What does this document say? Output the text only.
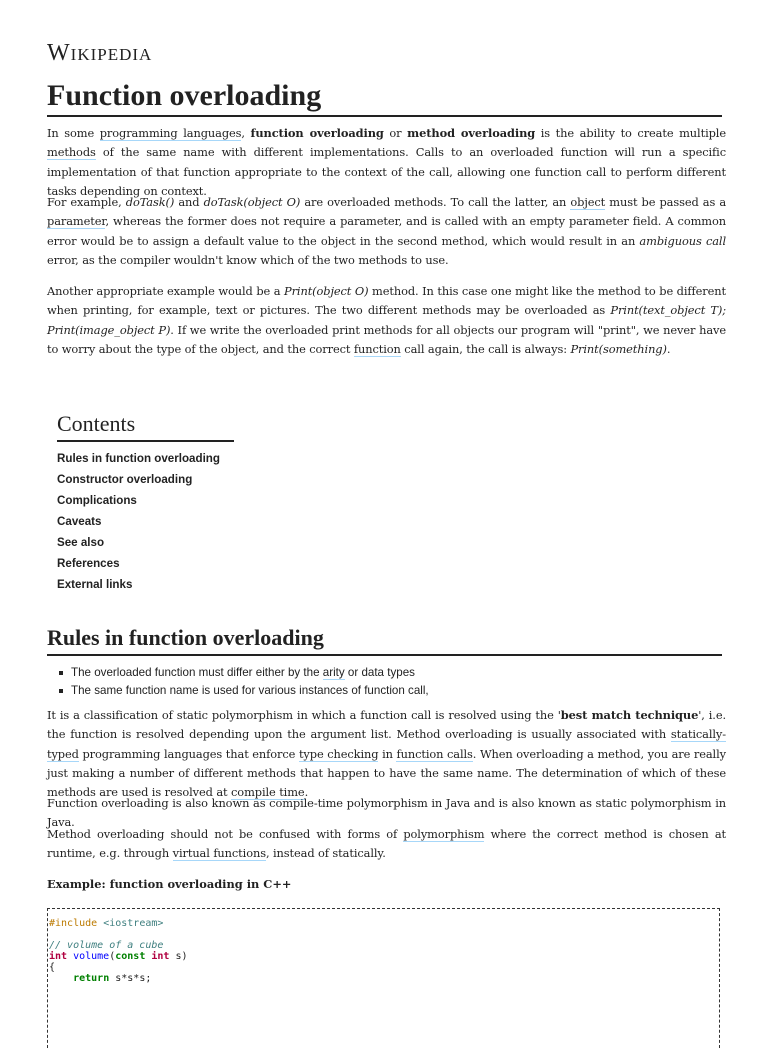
Wikipedia
Function overloading

In some programming languages, function overloading or method overloading is the ability to create multiple methods of the same name with different implementations. Calls to an overloaded function will run a specific implementation of that function appropriate to the context of the call, allowing one function call to perform different tasks depending on context.

For example, doTask() and doTask(object O) are overloaded methods. To call the latter, an object must be passed as a parameter, whereas the former does not require a parameter, and is called with an empty parameter field. A common error would be to assign a default value to the object in the second method, which would result in an ambiguous call error, as the compiler wouldn't know which of the two methods to use.

Another appropriate example would be a Print(object O) method. In this case one might like the method to be different when printing, for example, text or pictures. The two different methods may be overloaded as Print(text_object T); Print(image_object P). If we write the overloaded print methods for all objects our program will "print", we never have to worry about the type of the object, and the correct function call again, the call is always: Print(something).

Contents
Rules in function overloading
Constructor overloading
Complications
Caveats
See also
References
External links
Rules in function overloading
The overloaded function must differ either by the arity or data types
The same function name is used for various instances of function call,

It is a classification of static polymorphism in which a function call is resolved using the 'best match technique', i.e. the function is resolved depending upon the argument list. Method overloading is usually associated with statically-typed programming languages that enforce type checking in function calls. When overloading a method, you are really just making a number of different methods that happen to have the same name. The determination of which of these methods are used is resolved at compile time.

Function overloading is also known as compile-time polymorphism in Java and is also known as static polymorphism in Java.

Method overloading should not be confused with forms of polymorphism where the correct method is chosen at runtime, e.g. through virtual functions, instead of statically.

Example: function overloading in C++
#include <iostream>
// volume of a cube
int volume(const int s)
{
return s*s*s;
